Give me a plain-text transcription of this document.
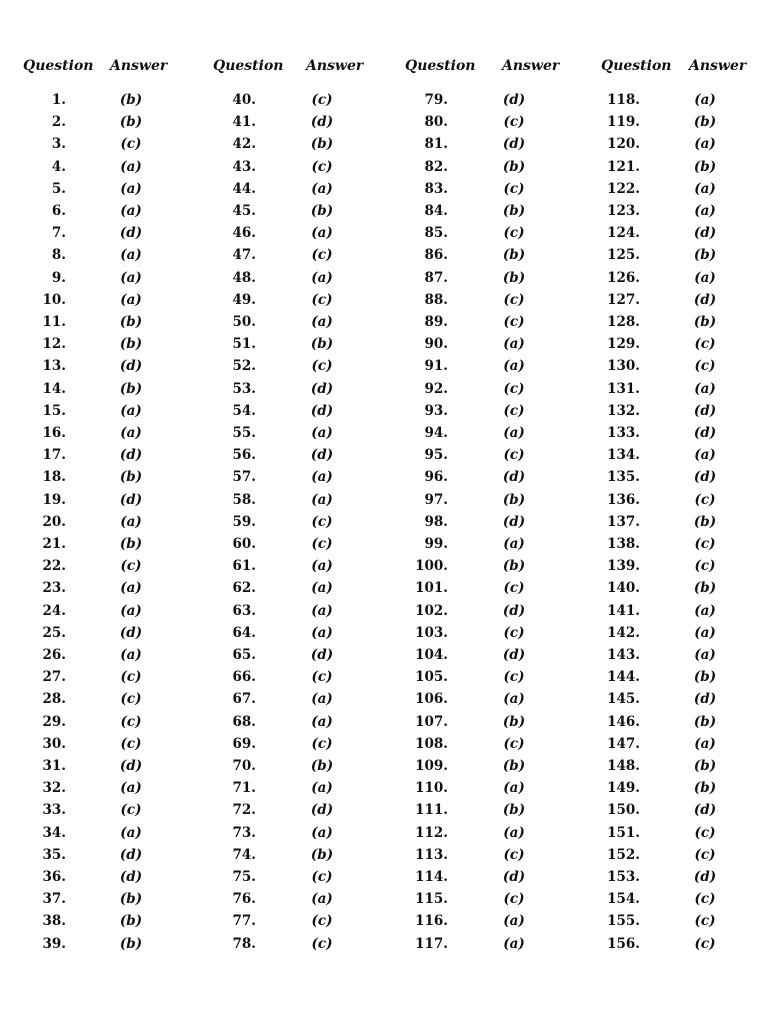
Question Answer
1.	(b)
2.	(b)
3.	(c)
4.	(a)
5.	(a)
6.	(a)
7.	(d)
8.	(a)
9.	(a)
10.	(a)
11.	(b)
12.	(b)
13.	(d)
14.	(b)
15.	(a)
16.	(a)
17.	(d)
18.	(b)
19.	(d)
20.	(a)
21.	(b)
22.	(c)
23.	(a)
24.	(a)
25.	(d)
26.	(a)
27.	(c)
28.	(c)
29.	(c)
30.	(c)
31.	(d)
32.	(a)
33.	(c)
34.	(a)
35.	(d)
36.	(d)
37.	(b)
38.	(b)
39.	(b)
Question Answer
40.	(c)
41.	(d)
42.	(b)
43.	(c)
44.	(a)
45.	(b)
46.	(a)
47.	(c)
48.	(a)
49.	(c)
50.	(a)
51.	(b)
52.	(c)
53.	(d)
54.	(d)
55.	(a)
56.	(d)
57.	(a)
58.	(a)
59.	(c)
60.	(c)
61.	(a)
62.	(a)
63.	(a)
64.	(a)
65.	(d)
66.	(c)
67.	(a)
68.	(a)
69.	(c)
70.	(b)
71.	(a)
72.	(d)
73.	(a)
74.	(b)
75.	(c)
76.	(a)
77.	(c)
78.	(c)
Question Answer
79.	(d)
80.	(c)
81.	(d)
82.	(b)
83.	(c)
84.	(b)
85.	(c)
86.	(b)
87.	(b)
88.	(c)
89.	(c)
90.	(a)
91.	(a)
92.	(c)
93.	(c)
94.	(a)
95.	(c)
96.	(d)
97.	(b)
98.	(d)
99.	(a)
100.	(b)
101.	(c)
102.	(d)
103.	(c)
104.	(d)
105.	(c)
106.	(a)
107.	(b)
108.	(c)
109.	(b)
110.	(a)
111.	(b)
112.	(a)
113.	(c)
114.	(d)
115.	(c)
116.	(a)
117.	(a)
Question Answer
118.	(a)
119.	(b)
120.	(a)
121.	(b)
122.	(a)
123.	(a)
124.	(d)
125.	(b)
126.	(a)
127.	(d)
128.	(b)
129.	(c)
130.	(c)
131.	(a)
132.	(d)
133.	(d)
134.	(a)
135.	(d)
136.	(c)
137.	(b)
138.	(c)
139.	(c)
140.	(b)
141.	(a)
142.	(a)
143.	(a)
144.	(b)
145.	(d)
146.	(b)
147.	(a)
148.	(b)
149.	(b)
150.	(d)
151.	(c)
152.	(c)
153.	(d)
154.	(c)
155.	(c)
156.	(c)
